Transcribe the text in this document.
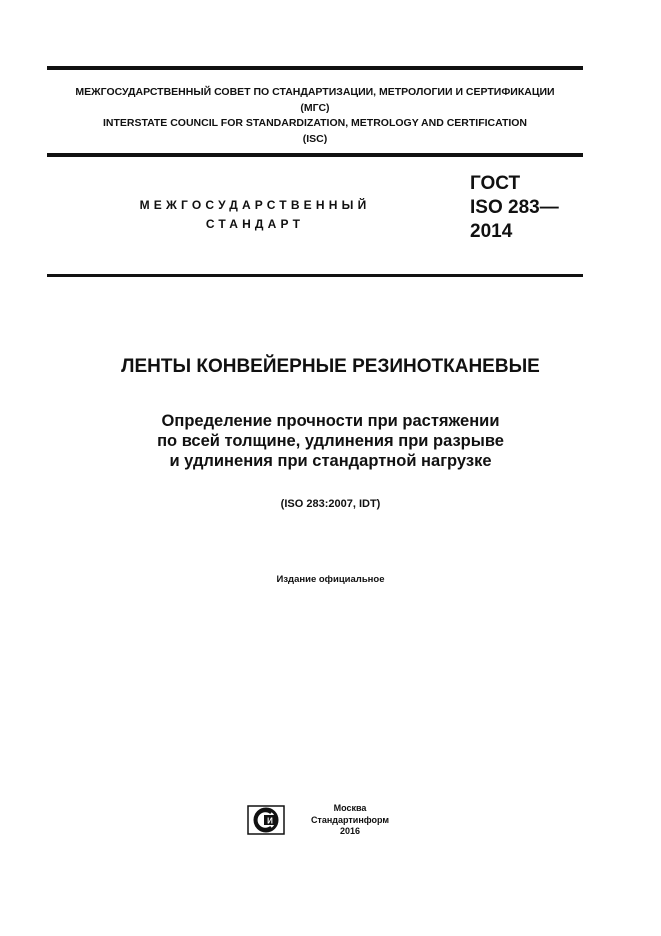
МЕЖГОСУДАРСТВЕННЫЙ СОВЕТ ПО СТАНДАРТИЗАЦИИ, МЕТРОЛОГИИ И СЕРТИФИКАЦИИ
(МГС)
INTERSTATE COUNCIL FOR STANDARDIZATION, METROLOGY AND CERTIFICATION
(ISC)
МЕЖГОСУДАРСТВЕННЫЙ
СТАНДАРТ
ГОСТ
ISO 283—
2014
ЛЕНТЫ КОНВЕЙЕРНЫЕ РЕЗИНОТКАНЕВЫЕ
Определение прочности при растяжении
по всей толщине, удлинения при разрыве
и удлинения при стандартной нагрузке
(ISO 283:2007, IDT)
Издание официальное
И
Москва
Стандартинформ
2016
